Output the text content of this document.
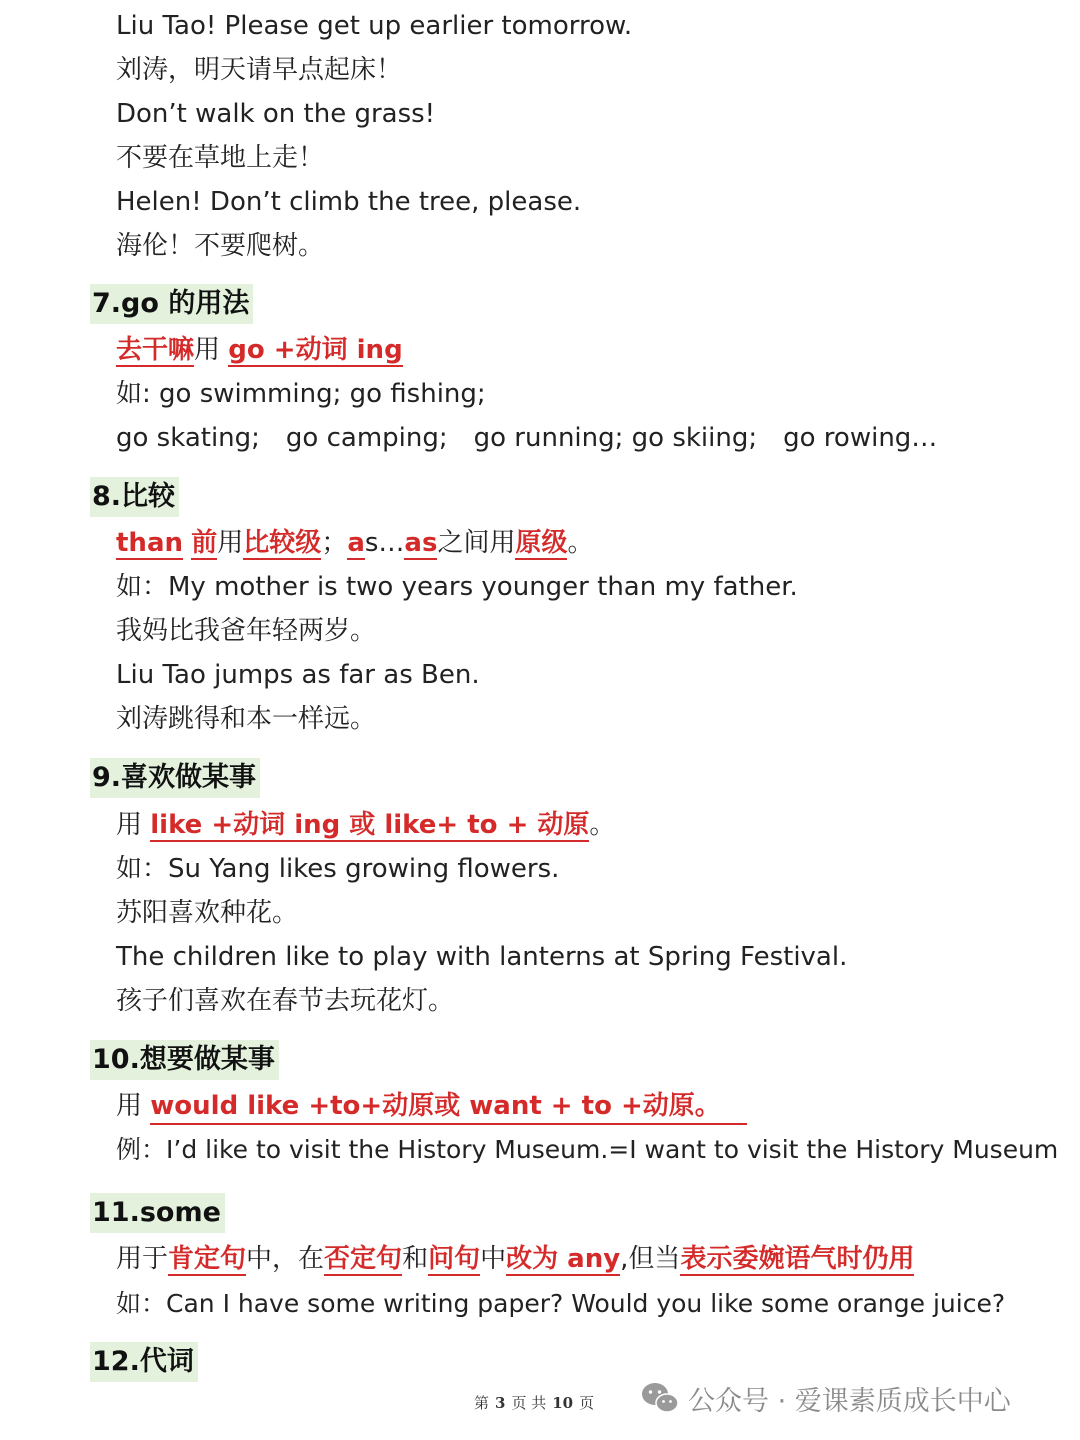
Liu Tao! Please get up earlier tomorrow.
刘涛，明天请早点起床！
Don’t walk on the grass!
不要在草地上走！
Helen! Don’t climb the tree, please.
海伦！不要爬树。
7.go 的用法
去干嘛用 go +动词 ing
如: go swimming; go fishing;
go skating; go camping; go running; go skiing; go rowing…
8.比较
than 前用比较级；as…as之间用原级。
如：My mother is two years younger than my father.
我妈比我爸年轻两岁。
Liu Tao jumps as far as Ben.
刘涛跳得和本一样远。
9.喜欢做某事
用 like +动词 ing 或 like+ to + 动原。
如：Su Yang likes growing flowers.
苏阳喜欢种花。
The children like to play with lanterns at Spring Festival.
孩子们喜欢在春节去玩花灯。
10.想要做某事
用 would like +to+动原或 want + to +动原。
例：I’d like to visit the History Museum.=I want to visit the History Museum
11.some
用于肯定句中，在否定句和问句中改为 any,但当表示委婉语气时仍用
如：Can I have some writing paper? Would you like some orange juice?
12.代词
第 3 页 共 10 页	公众号 · 爱课素质成长中心
